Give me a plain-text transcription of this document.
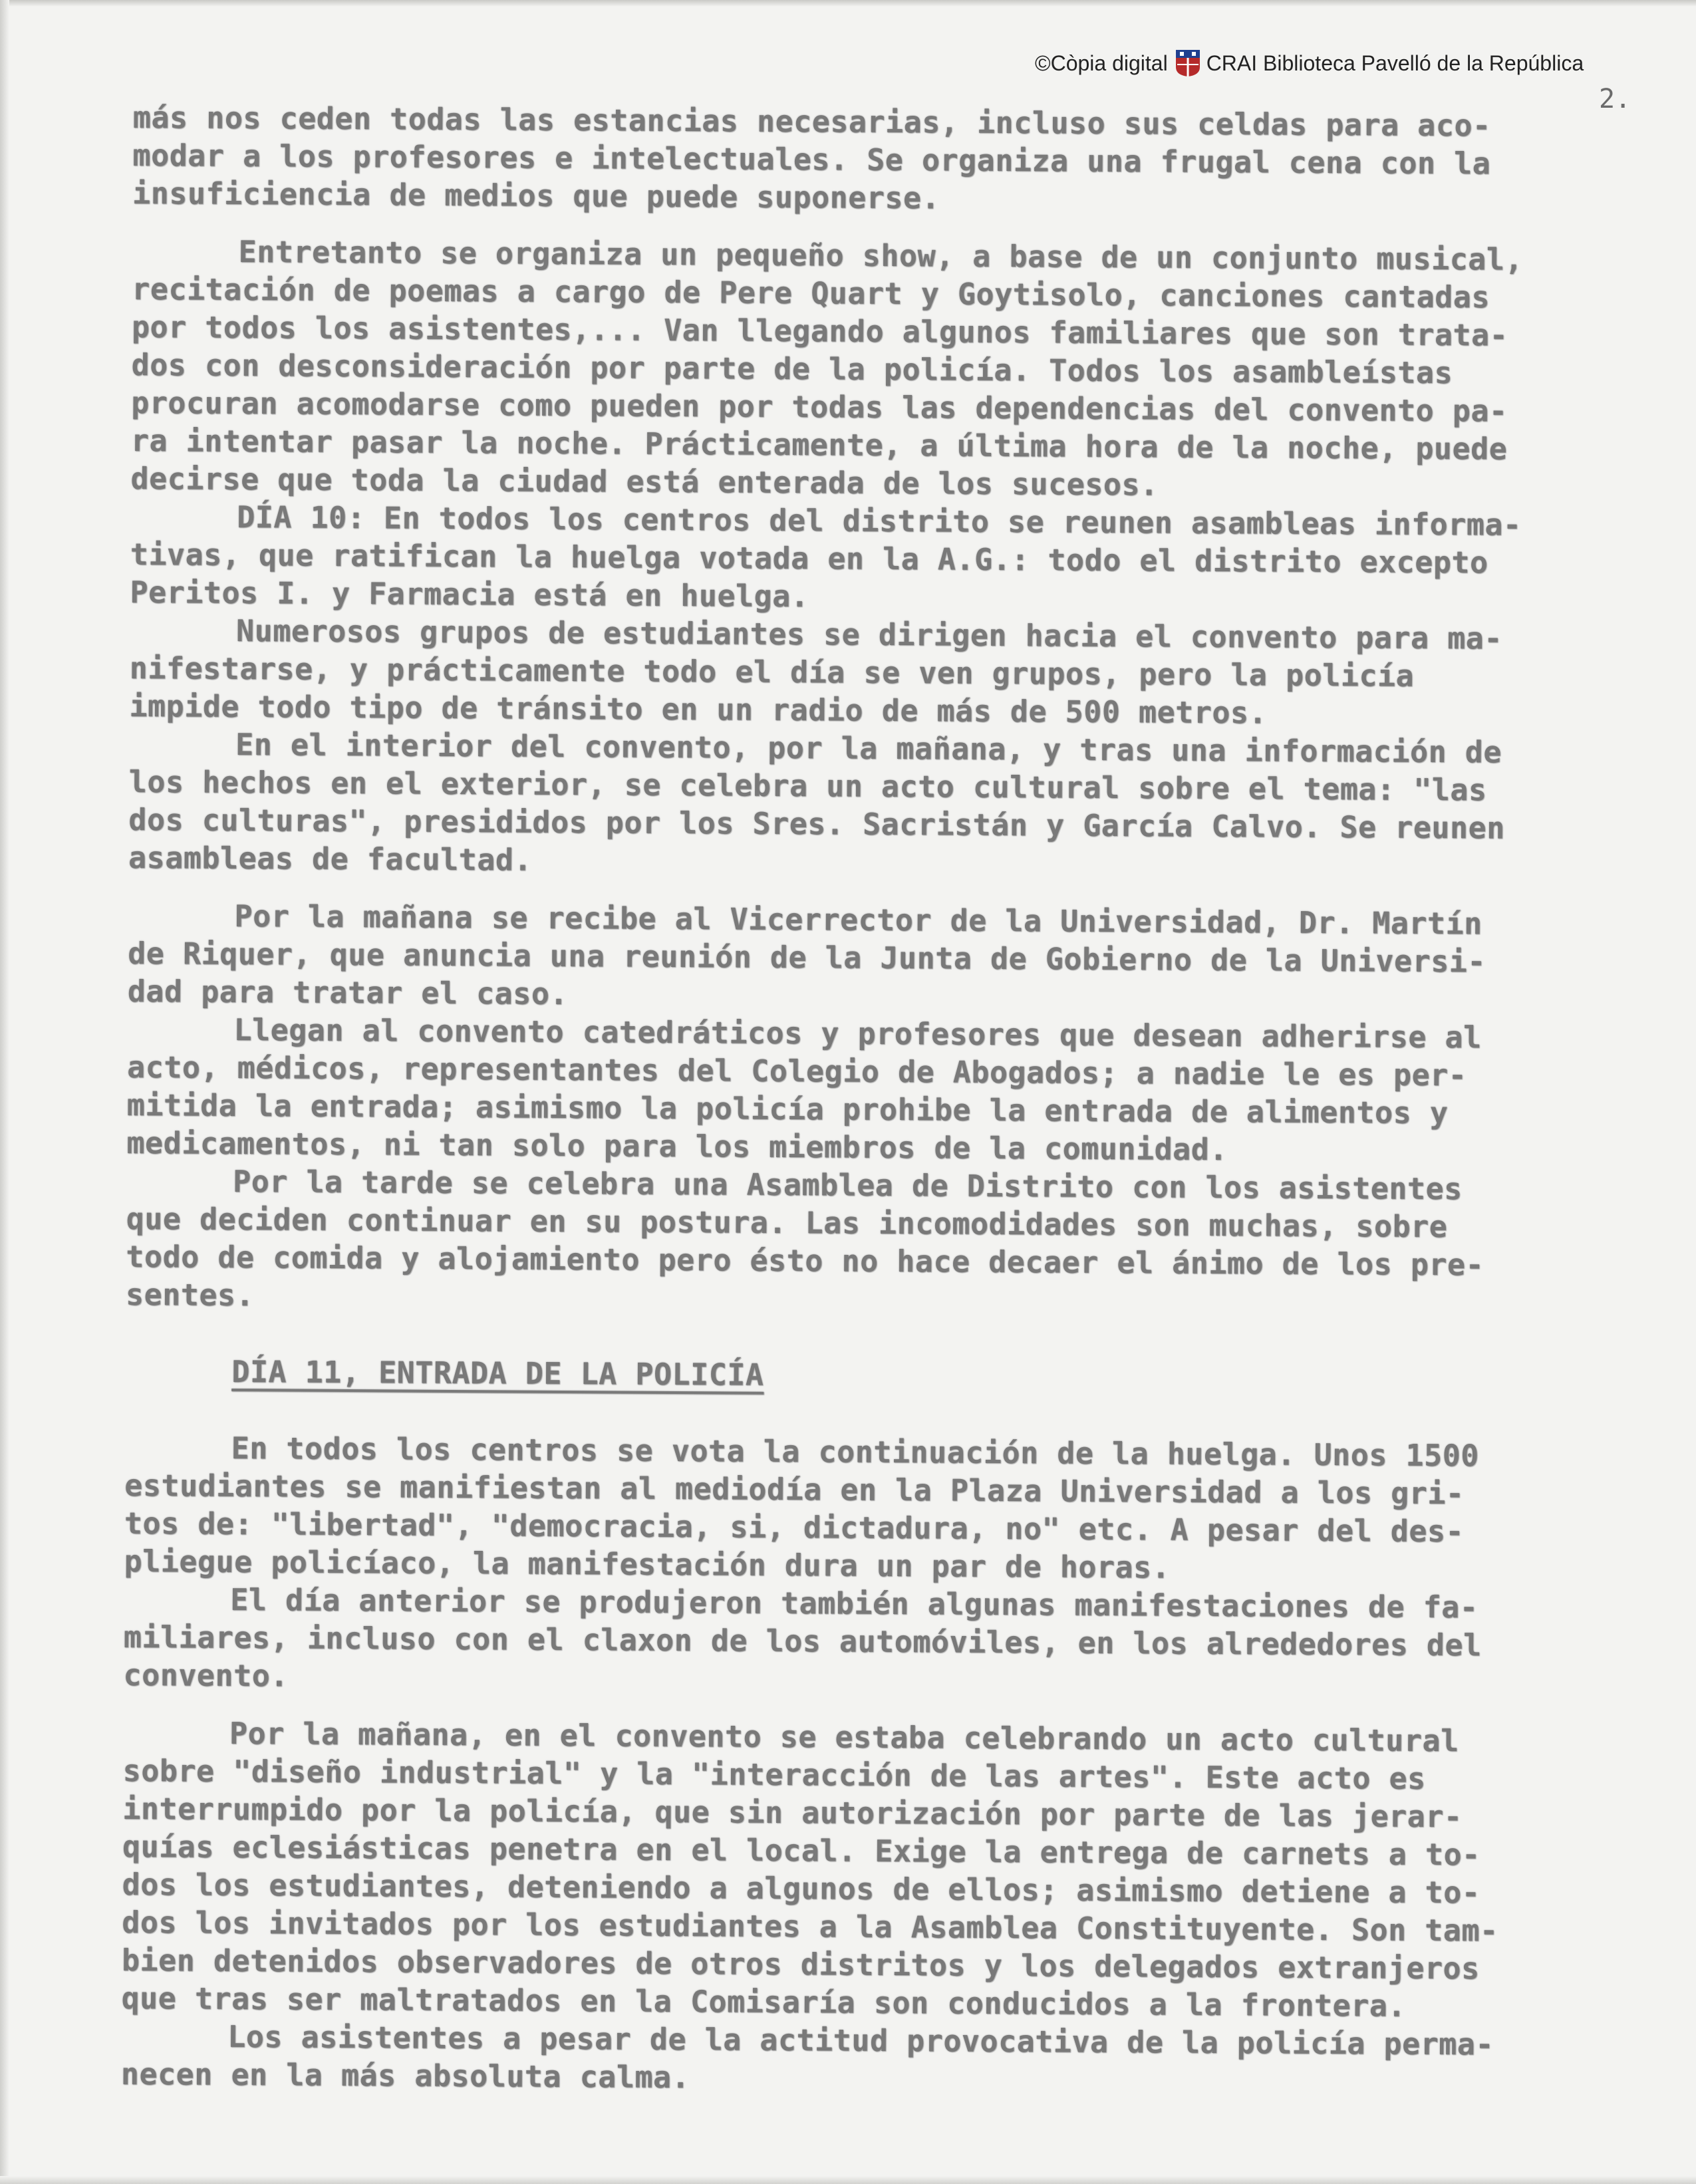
©Còpia digital CRAI Biblioteca Pavelló de la República
2.
más nos ceden todas las estancias necesarias, incluso sus celdas para aco-
modar a los profesores e intelectuales. Se organiza una frugal cena con la
insuficiencia de medios que puede suponerse.
Entretanto se organiza un pequeño show, a base de un conjunto musical,
recitación de poemas a cargo de Pere Quart y Goytisolo, canciones cantadas
por todos los asistentes,... Van llegando algunos familiares que son trata-
dos con desconsideración por parte de la policía. Todos los asambleístas
procuran acomodarse como pueden por todas las dependencias del convento pa-
ra intentar pasar la noche. Prácticamente, a última hora de la noche, puede
decirse que toda la ciudad está enterada de los sucesos.
DÍA 10: En todos los centros del distrito se reunen asambleas informa-
tivas, que ratifican la huelga votada en la A.G.: todo el distrito excepto
Peritos I. y Farmacia está en huelga.
Numerosos grupos de estudiantes se dirigen hacia el convento para ma-
nifestarse, y prácticamente todo el día se ven grupos, pero la policía
impide todo tipo de tránsito en un radio de más de 500 metros.
En el interior del convento, por la mañana, y tras una información de
los hechos en el exterior, se celebra un acto cultural sobre el tema: "las
dos culturas", presididos por los Sres. Sacristán y García Calvo. Se reunen
asambleas de facultad.
Por la mañana se recibe al Vicerrector de la Universidad, Dr. Martín
de Riquer, que anuncia una reunión de la Junta de Gobierno de la Universi-
dad para tratar el caso.
Llegan al convento catedráticos y profesores que desean adherirse al
acto, médicos, representantes del Colegio de Abogados; a nadie le es per-
mitida la entrada; asimismo la policía prohibe la entrada de alimentos y
medicamentos, ni tan solo para los miembros de la comunidad.
Por la tarde se celebra una Asamblea de Distrito con los asistentes
que deciden continuar en su postura. Las incomodidades son muchas, sobre
todo de comida y alojamiento pero ésto no hace decaer el ánimo de los pre-
sentes.
DÍA 11, ENTRADA DE LA POLICÍA
En todos los centros se vota la continuación de la huelga. Unos 1500
estudiantes se manifiestan al mediodía en la Plaza Universidad a los gri-
tos de: "libertad", "democracia, si, dictadura, no" etc. A pesar del des-
pliegue policíaco, la manifestación dura un par de horas.
El día anterior se produjeron también algunas manifestaciones de fa-
miliares, incluso con el claxon de los automóviles, en los alrededores del
convento.
Por la mañana, en el convento se estaba celebrando un acto cultural
sobre "diseño industrial" y la "interacción de las artes". Este acto es
interrumpido por la policía, que sin autorización por parte de las jerar-
quías eclesiásticas penetra en el local. Exige la entrega de carnets a to-
dos los estudiantes, deteniendo a algunos de ellos; asimismo detiene a to-
dos los invitados por los estudiantes a la Asamblea Constituyente. Son tam-
bien detenidos observadores de otros distritos y los delegados extranjeros
que tras ser maltratados en la Comisaría son conducidos a la frontera.
Los asistentes a pesar de la actitud provocativa de la policía perma-
necen en la más absoluta calma.
